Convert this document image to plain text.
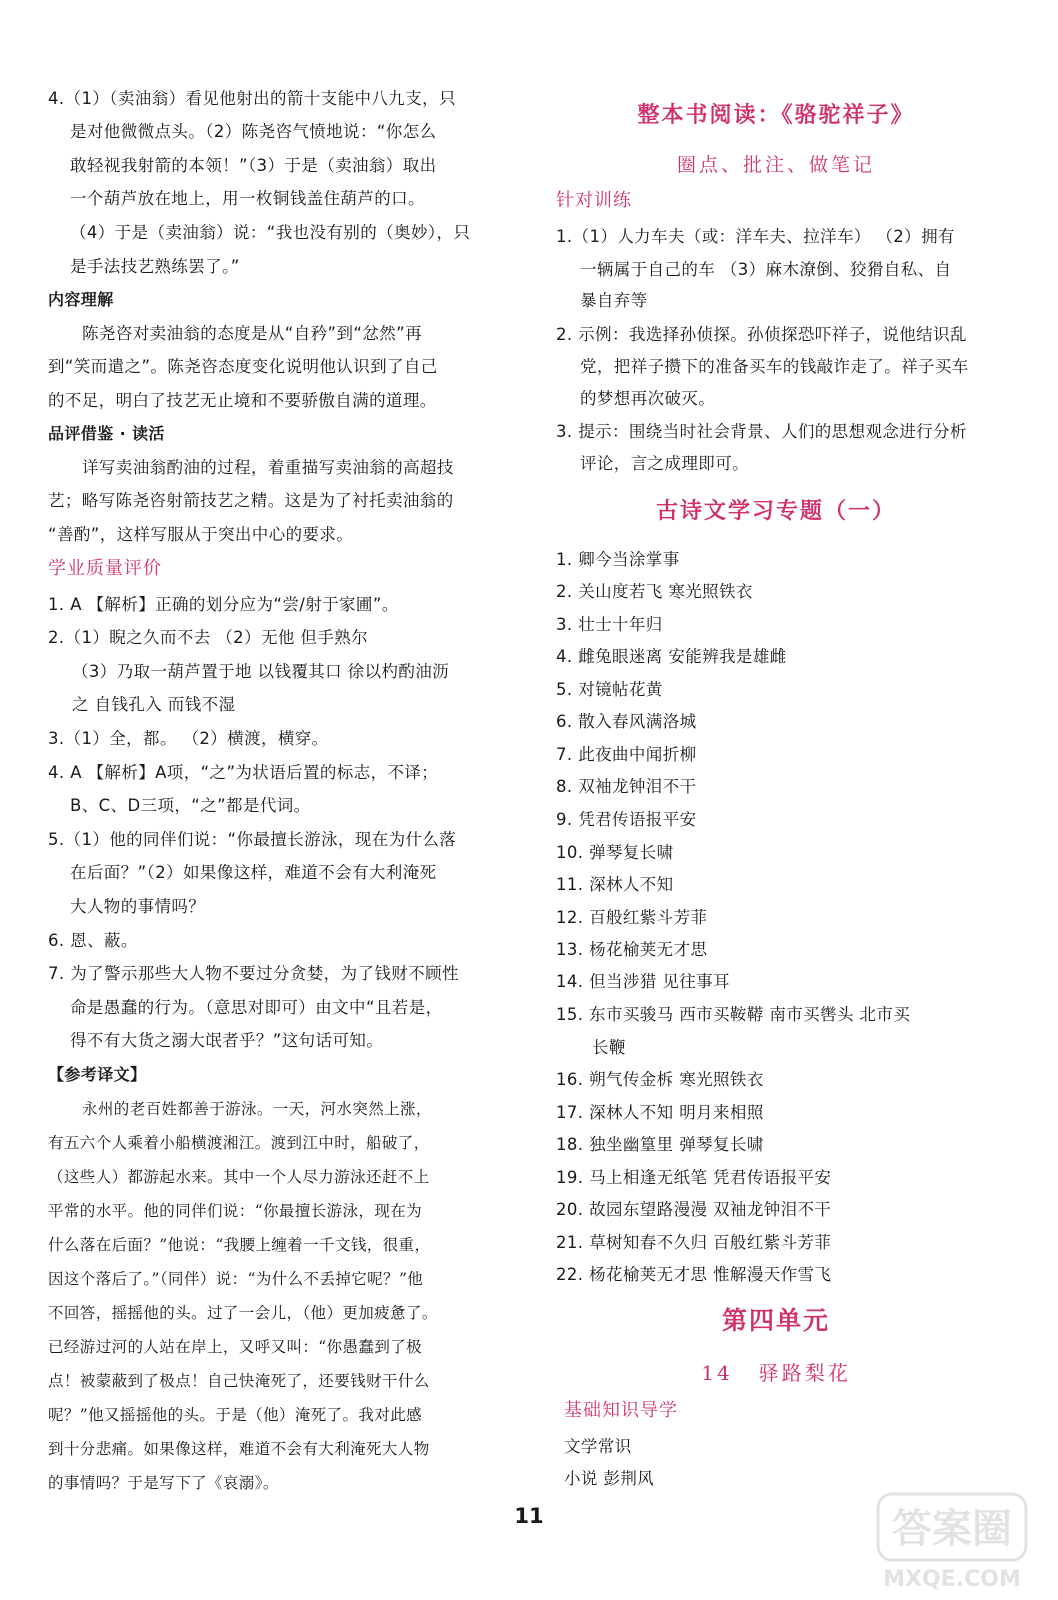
4.（1）（卖油翁）看见他射出的箭十支能中八九支，只
是对他微微点头。（2）陈尧咨气愤地说：“你怎么
敢轻视我射箭的本领！”（3）于是（卖油翁）取出
一个葫芦放在地上，用一枚铜钱盖住葫芦的口。
（4）于是（卖油翁）说：“我也没有别的（奥妙），只
是手法技艺熟练罢了。”
内容理解
陈尧咨对卖油翁的态度是从“自矜”到“忿然”再
到“笑而遣之”。陈尧咨态度变化说明他认识到了自己
的不足，明白了技艺无止境和不要骄傲自满的道理。
品评借鉴 · 读活
详写卖油翁酌油的过程，着重描写卖油翁的高超技
艺；略写陈尧咨射箭技艺之精。这是为了衬托卖油翁的
“善酌”，这样写服从于突出中心的要求。
学业质量评价
1. A 【解析】正确的划分应为“尝/射于家圃”。
2.（1）睨之久而不去 （2）无他 但手熟尔
（3）乃取一葫芦置于地 以钱覆其口 徐以杓酌油沥
之 自钱孔入 而钱不湿
3.（1）全，都。 （2）横渡，横穿。
4. A 【解析】A项，“之”为状语后置的标志，不译；
B、C、D三项，“之”都是代词。
5.（1）他的同伴们说：“你最擅长游泳，现在为什么落
在后面？”（2）如果像这样，难道不会有大利淹死
大人物的事情吗？
6. 恩、蔽。
7. 为了警示那些大人物不要过分贪婪，为了钱财不顾性
命是愚蠢的行为。（意思对即可）由文中“且若是，
得不有大货之溺大氓者乎？”这句话可知。
【参考译文】
永州的老百姓都善于游泳。一天，河水突然上涨，
有五六个人乘着小船横渡湘江。渡到江中时，船破了，
（这些人）都游起水来。其中一个人尽力游泳还赶不上
平常的水平。他的同伴们说：“你最擅长游泳，现在为
什么落在后面？”他说：“我腰上缠着一千文钱，很重，
因这个落后了。”（同伴）说：“为什么不丢掉它呢？”他
不回答，摇摇他的头。过了一会儿，（他）更加疲惫了。
已经游过河的人站在岸上，又呼又叫：“你愚蠢到了极
点！被蒙蔽到了极点！自己快淹死了，还要钱财干什么
呢？”他又摇摇他的头。于是（他）淹死了。我对此感
到十分悲痛。如果像这样，难道不会有大利淹死大人物
的事情吗？于是写下了《哀溺》。
整本书阅读：《骆驼祥子》
圈点、批注、做笔记
针对训练
1.（1）人力车夫（或：洋车夫、拉洋车） （2）拥有
一辆属于自己的车 （3）麻木潦倒、狡猾自私、自
暴自弃等
2. 示例：我选择孙侦探。孙侦探恐吓祥子，说他结识乱
党，把祥子攒下的准备买车的钱敲诈走了。祥子买车
的梦想再次破灭。
3. 提示：围绕当时社会背景、人们的思想观念进行分析
评论，言之成理即可。
古诗文学习专题（一）
1. 卿今当涂掌事
2. 关山度若飞 寒光照铁衣
3. 壮士十年归
4. 雌兔眼迷离 安能辨我是雄雌
5. 对镜帖花黄
6. 散入春风满洛城
7. 此夜曲中闻折柳
8. 双袖龙钟泪不干
9. 凭君传语报平安
10. 弹琴复长啸
11. 深林人不知
12. 百般红紫斗芳菲
13. 杨花榆荚无才思
14. 但当涉猎 见往事耳
15. 东市买骏马 西市买鞍鞯 南市买辔头 北市买
长鞭
16. 朔气传金柝 寒光照铁衣
17. 深林人不知 明月来相照
18. 独坐幽篁里 弹琴复长啸
19. 马上相逢无纸笔 凭君传语报平安
20. 故园东望路漫漫 双袖龙钟泪不干
21. 草树知春不久归 百般红紫斗芳菲
22. 杨花榆荚无才思 惟解漫天作雪飞
第四单元
14 驿路梨花
基础知识导学
文学常识
小说 彭荆风
11	答案圈
MXQE.COM
